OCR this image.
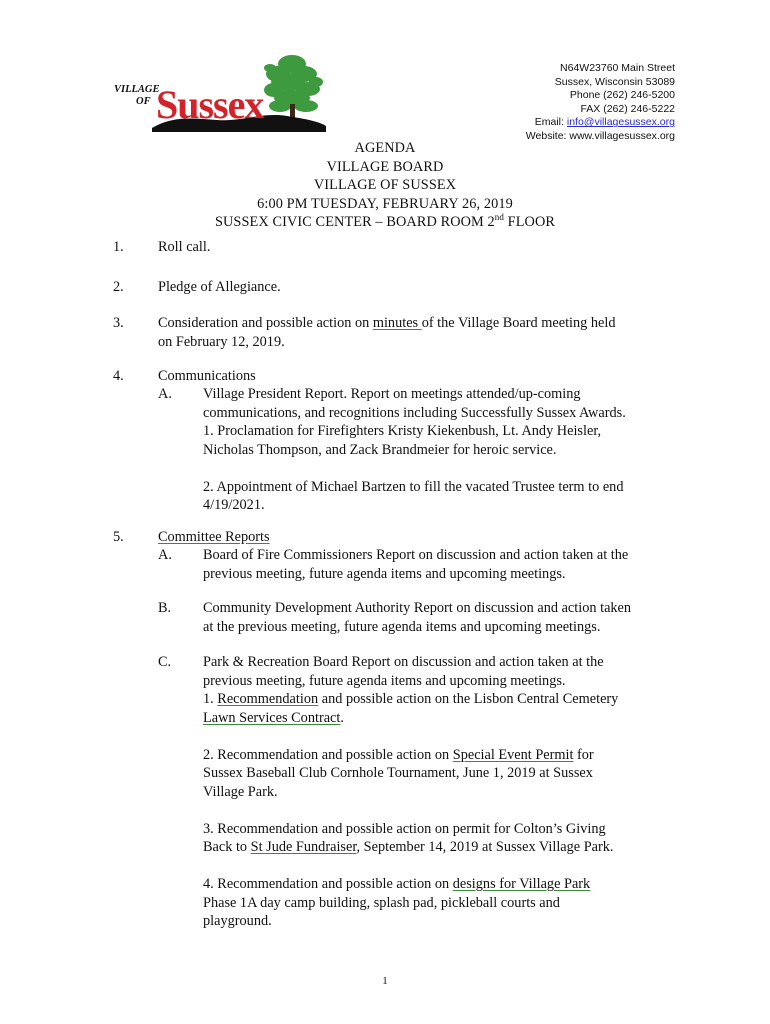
Sussex
VILLAGE
OF
N64W23760 Main Street
Sussex, Wisconsin 53089
Phone (262) 246-5200
FAX (262) 246-5222
Email: info@villagesussex.org
Website: www.villagesussex.org
AGENDA
VILLAGE BOARD
VILLAGE OF SUSSEX
6:00 PM TUESDAY, FEBRUARY 26, 2019
SUSSEX CIVIC CENTER – BOARD ROOM 2nd FLOOR
1. Roll call.
2. Pledge of Allegiance.
3. Consideration and possible action on minutes of the Village Board meeting held
on February 12, 2019.
4. Communications
A. Village President Report. Report on meetings attended/up-coming
communications, and recognitions including Successfully Sussex Awards.
1. Proclamation for Firefighters Kristy Kiekenbush, Lt. Andy Heisler,
Nicholas Thompson, and Zack Brandmeier for heroic service.
2. Appointment of Michael Bartzen to fill the vacated Trustee term to end
4/19/2021.
5. Committee Reports
A. Board of Fire Commissioners Report on discussion and action taken at the
previous meeting, future agenda items and upcoming meetings.
B. Community Development Authority Report on discussion and action taken
at the previous meeting, future agenda items and upcoming meetings.
C. Park & Recreation Board Report on discussion and action taken at the
previous meeting, future agenda items and upcoming meetings.
1. Recommendation and possible action on the Lisbon Central Cemetery
Lawn Services Contract.
2. Recommendation and possible action on Special Event Permit for
Sussex Baseball Club Cornhole Tournament, June 1, 2019 at Sussex
Village Park.
3. Recommendation and possible action on permit for Colton’s Giving
Back to St Jude Fundraiser, September 14, 2019 at Sussex Village Park.
4. Recommendation and possible action on designs for Village Park
Phase 1A day camp building, splash pad, pickleball courts and
playground.
1
